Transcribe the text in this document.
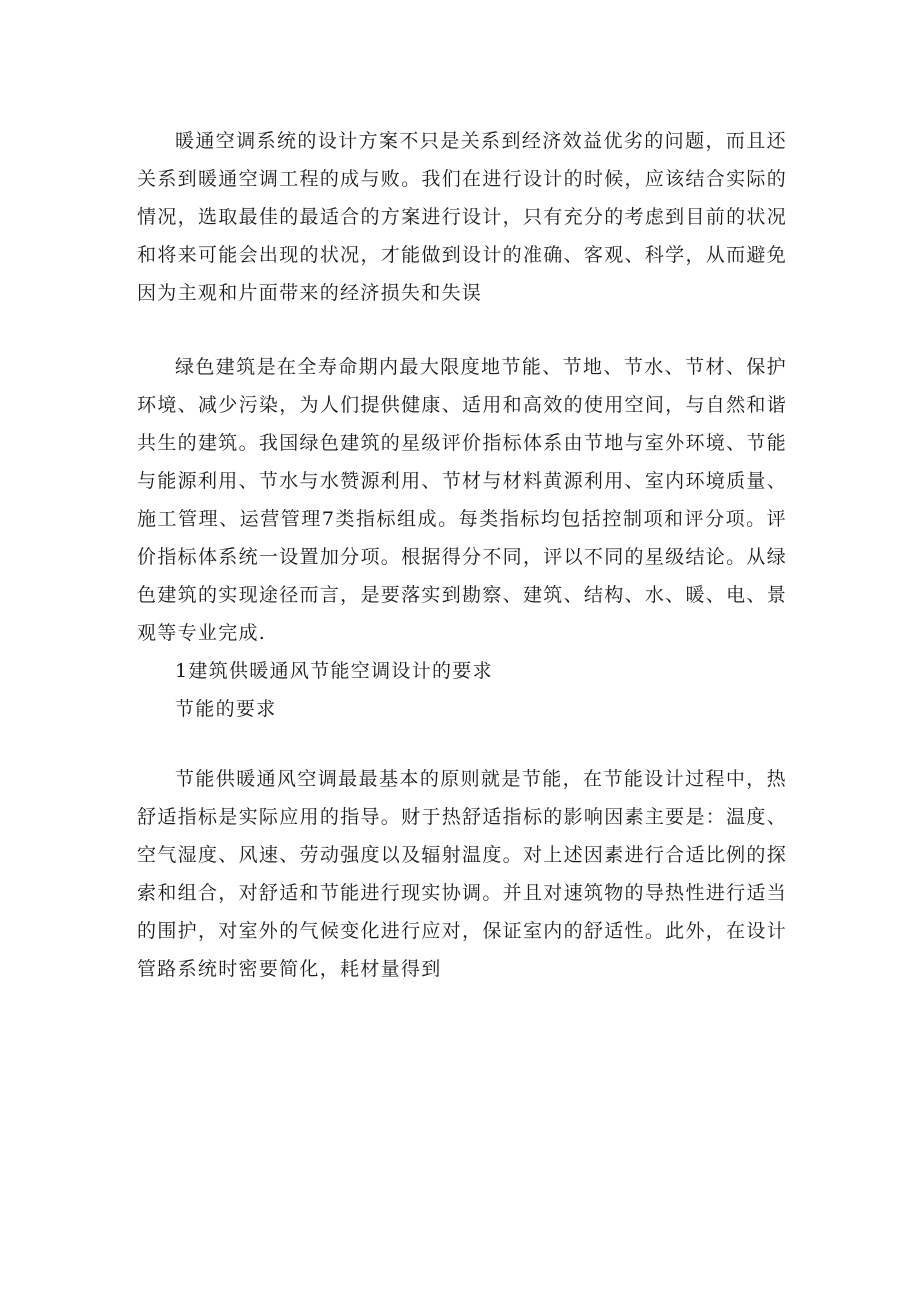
暖通空调系统的设计方案不只是关系到经济效益优劣的问题，而且还关系到暖通空调工程的成与败。我们在进行设计的时候，应该结合实际的情况，选取最佳的最适合的方案进行设计，只有充分的考虑到目前的状况和将来可能会出现的状况，才能做到设计的准确、客观、科学，从而避免因为主观和片面带来的经济损失和失误

绿色建筑是在全寿命期内最大限度地节能、节地、节水、节材、保护环境、减少污染，为人们提供健康、适用和高效的使用空间，与自然和谐共生的建筑。我国绿色建筑的星级评价指标体系由节地与室外环境、节能与能源利用、节水与水赞源利用、节材与材料黄源利用、室内环境质量、施工管理、运营管理7类指标组成。每类指标均包括控制项和评分项。评价指标体系统一设置加分项。根据得分不同，评以不同的星级结论。从绿色建筑的实现途径而言，是要落实到勘察、建筑、结构、水、暖、电、景观等专业完成.

1建筑供暖通风节能空调设计的要求

节能的要求

节能供暖通风空调最最基本的原则就是节能，在节能设计过程中，热舒适指标是实际应用的指导。财于热舒适指标的影响因素主要是：温度、空气湿度、风速、劳动强度以及辐射温度。对上述因素进行合适比例的探索和组合，对舒适和节能进行现实协调。并且对速筑物的导热性进行适当的围护，对室外的气候变化进行应对，保证室内的舒适性。此外，在设计管路系统时密要简化，耗材量得到
